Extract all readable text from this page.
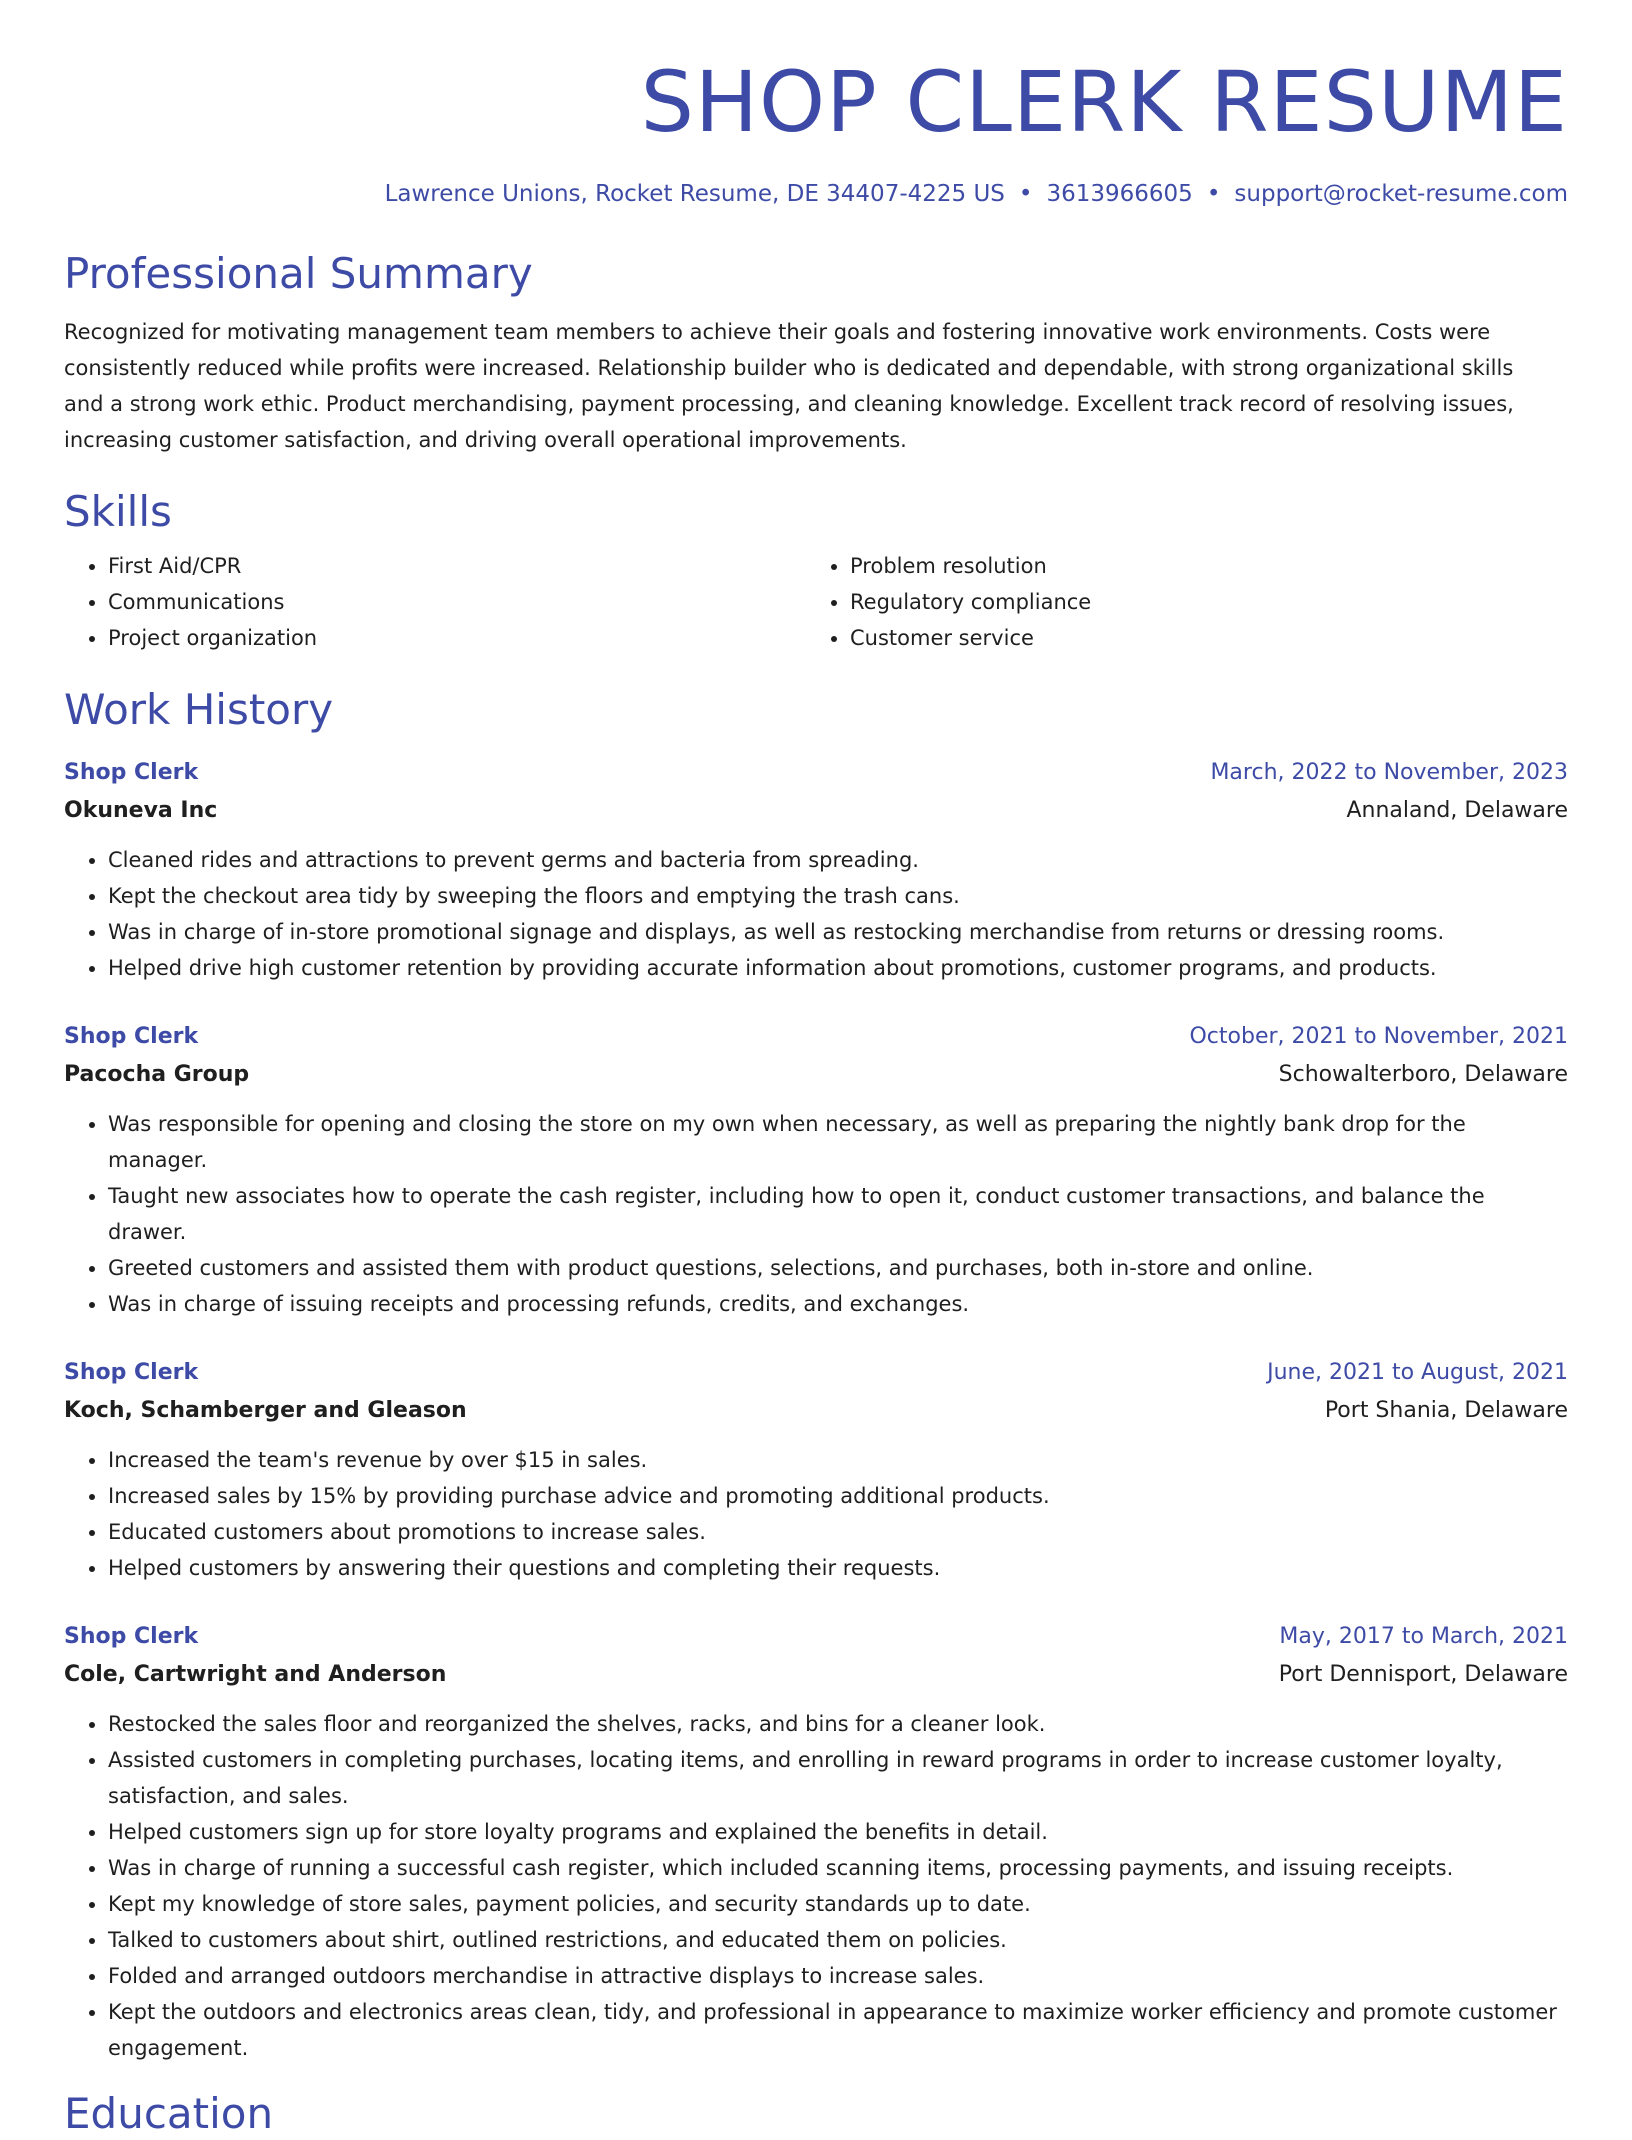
SHOP CLERK RESUME
Lawrence Unions, Rocket Resume, DE 34407-4225 US • 3613966605 • support@rocket-resume.com
Professional Summary

Recognized for motivating management team members to achieve their goals and fostering innovative work environments. Costs were consistently reduced while profits were increased. Relationship builder who is dedicated and dependable, with strong organizational skills and a strong work ethic. Product merchandising, payment processing, and cleaning knowledge. Excellent track record of resolving issues, increasing customer satisfaction, and driving overall operational improvements.

Skills
• First Aid/CPR
• Communications
• Project organization
• Problem resolution
• Regulatory compliance
• Customer service
Work History
Shop Clerk	March, 2022 to November, 2023
Okuneva Inc	Annaland, Delaware
• Cleaned rides and attractions to prevent germs and bacteria from spreading.
• Kept the checkout area tidy by sweeping the floors and emptying the trash cans.
• Was in charge of in-store promotional signage and displays, as well as restocking merchandise from returns or dressing rooms.
• Helped drive high customer retention by providing accurate information about promotions, customer programs, and products.
Shop Clerk	October, 2021 to November, 2021
Pacocha Group	Schowalterboro, Delaware
• Was responsible for opening and closing the store on my own when necessary, as well as preparing the nightly bank drop for the manager.
• Taught new associates how to operate the cash register, including how to open it, conduct customer transactions, and balance the drawer.
• Greeted customers and assisted them with product questions, selections, and purchases, both in-store and online.
• Was in charge of issuing receipts and processing refunds, credits, and exchanges.
Shop Clerk	June, 2021 to August, 2021
Koch, Schamberger and Gleason	Port Shania, Delaware
• Increased the team's revenue by over $15 in sales.
• Increased sales by 15% by providing purchase advice and promoting additional products.
• Educated customers about promotions to increase sales.
• Helped customers by answering their questions and completing their requests.
Shop Clerk	May, 2017 to March, 2021
Cole, Cartwright and Anderson	Port Dennisport, Delaware
• Restocked the sales floor and reorganized the shelves, racks, and bins for a cleaner look.
• Assisted customers in completing purchases, locating items, and enrolling in reward programs in order to increase customer loyalty, satisfaction, and sales.
• Helped customers sign up for store loyalty programs and explained the benefits in detail.
• Was in charge of running a successful cash register, which included scanning items, processing payments, and issuing receipts.
• Kept my knowledge of store sales, payment policies, and security standards up to date.
• Talked to customers about shirt, outlined restrictions, and educated them on policies.
• Folded and arranged outdoors merchandise in attractive displays to increase sales.
• Kept the outdoors and electronics areas clean, tidy, and professional in appearance to maximize worker efficiency and promote customer engagement.
Education
